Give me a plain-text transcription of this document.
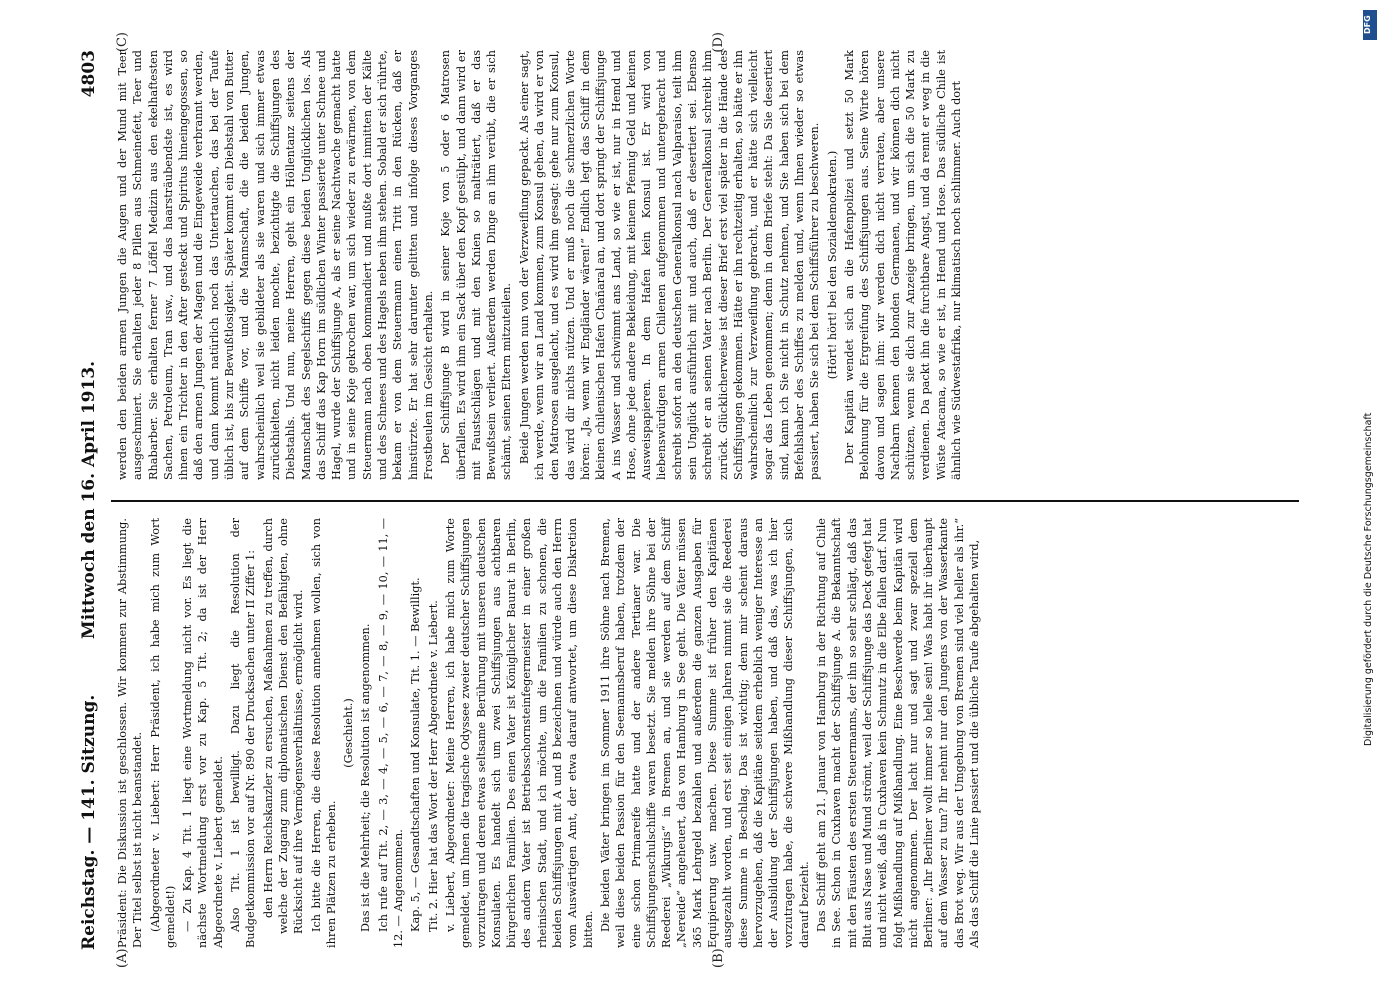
Reichstag. — 141. Sitzung.
Mittwoch den 16. April 1913.
4803
(A)	(B)
(C)	(D)

Präsident: Die Diskussion ist geschlossen. Wir kommen zur Abstimmung. Der Titel selbst ist nicht beanstandet. (Abgeordneter v. Liebert: Herr Präsident, ich habe mich zum Wort gemeldet!) — Zu Kap. 4 Tit. 1 liegt eine Wortmeldung nicht vor. Es liegt die nächste Wortmeldung erst vor zu Kap. 5 Tit. 2; da ist der Herr Abgeordnete v. Liebert gemeldet. Also Tit. 1 ist bewilligt. Dazu liegt die Resolution der Budgetkommission vor auf Nr. 890 der Drucksachen unter II Ziffer 1: den Herrn Reichskanzler zu ersuchen, Maßnahmen zu treffen, durch welche der Zugang zum diplomatischen Dienst den Befähigten, ohne Rücksicht auf ihre Vermögensverhältnisse, ermöglicht wird. Ich bitte die Herren, die diese Resolution annehmen wollen, sich von ihren Plätzen zu erheben.

(Geschieht.) Das ist die Mehrheit; die Resolution ist angenommen. Ich rufe auf Tit. 2, — 3, — 4, — 5, — 6, — 7, — 8, — 9, — 10, — 11, — 12. — Angenommen. Kap. 5, — Gesandtschaften und Konsulate, Tit. 1. — Bewilligt. Tit. 2. Hier hat das Wort der Herr Abgeordnete v. Liebert. v. Liebert, Abgeordneter: Meine Herren, ich habe mich zum Worte gemeldet, um Ihnen die tragische Odyssee zweier deutscher Schiffsjungen vorzutragen und deren etwas seltsame Berührung mit unseren deutschen Konsulaten. Es handelt sich um zwei Schiffsjungen aus achtbaren bürgerlichen Familien. Des einen Vater ist Königlicher Baurat in Berlin, des andern Vater ist Betriebsschornsteinfegermeister in einer großen rheinischen Stadt, und ich möchte, um die Familien zu schonen, die beiden Schiffsjungen mit A und B bezeichnen und würde auch den Herrn vom Auswärtigen Amt, der etwa darauf antwortet, um diese Diskretion bitten. Die beiden Väter bringen im Sommer 1911 ihre Söhne nach Bremen, weil diese beiden Passion für den Seemannsberuf haben, trotzdem der eine schon Primareife hatte und der andere Tertianer war. Die Schiffsjungenschulschiffe waren besetzt. Sie melden ihre Söhne bei der Reederei „Wikurgis“ in Bremen an, und sie werden auf dem Schiff „Nereide“ angeheuert, das von Hamburg in See geht. Die Väter müssen 365 Mark Lehrgeld bezahlen und außerdem die ganzen Ausgaben für Equipierung usw. machen. Diese Summe ist früher den Kapitänen ausgezahlt worden, und erst seit einigen Jahren nimmt sie die Reederei diese Summe in Beschlag. Das ist wichtig; denn mir scheint daraus hervorzugehen, daß die Kapitäne seitdem erheblich weniger Interesse an der Ausbildung der Schiffsjungen haben, und daß das, was ich hier vorzutragen habe, die schwere Mißhandlung dieser Schiffsjungen, sich darauf bezieht. Das Schiff geht am 21. Januar von Hamburg in der Richtung auf Chile in See. Schon in Cuxhaven macht der Schiffsjunge A. die Bekanntschaft mit den Fäusten des ersten Steuermanns, der ihn so sehr schlägt, daß das Blut aus Nase und Mund strömt, weil der Schiffsjunge das Deck gefegt hat und nicht weiß, daß in Cuxhaven kein Schmutz in die Elbe fallen darf. Nun folgt Mißhandlung auf Mißhandlung. Eine Beschwerde beim Kapitän wird nicht angenommen. Der lacht nur und sagt und zwar speziell dem Berliner: „Ihr Berliner wollt immer so helle sein! Was habt ihr überhaupt auf dem Wasser zu tun? Ihr nehmt nur den Jungens von der Wasserkante das Brot weg. Wir aus der Umgebung von Bremen sind viel heller als ihr.“ Als das Schiff die Linie passiert und die übliche Taufe abgehalten wird,

werden den beiden armen Jungen die Augen und der Mund mit Teer ausgeschmiert. Sie erhalten jeder 8 Pillen aus Schmeinefett, Teer und Rhabarber. Sie erhalten ferner 7 Löffel Medizin aus den ekelhaftesten Sachen, Petroleum, Tran usw., und das haarsträubendste ist, es wird ihnen ein Trichter in den After gesteckt und Spiritus hineingegossen, so daß den armen Jungen der Magen und die Eingeweide verbrannt werden, und dann kommt natürlich noch das Untertauchen, das bei der Taufe üblich ist, bis zur Bewußtlosigkeit. Später kommt ein Diebstahl von Butter auf dem Schiffe vor, und die Mannschaft, die die beiden Jungen, wahrscheinlich weil sie gebildeter als sie waren und sich immer etwas zurückhielten, nicht leiden mochte, bezichtigte die Schiffsjungen des Diebstahls. Und nun, meine Herren, geht ein Höllentanz seitens der Mannschaft des Segelschiffs gegen diese beiden Unglücklichen los. Als das Schiff das Kap Horn im südlichen Winter passierte unter Schnee und Hagel, wurde der Schiffsjunge A, als er seine Nachtwache gemacht hatte und in seine Koje gekrochen war, um sich wieder zu erwärmen, von dem Steuermann nach oben kommandiert und mußte dort inmitten der Kälte und des Schnees und des Hagels neben ihm stehen. Sobald er sich rührte, bekam er von dem Steuermann einen Tritt in den Rücken, daß er hinstürzte. Er hat sehr darunter gelitten und infolge dieses Vorganges Frostbeulen im Gesicht erhalten. Der Schiffsjunge B wird in seiner Koje von 5 oder 6 Matrosen überfallen. Es wird ihm ein Sack über den Kopf gestülpt, und dann wird er mit Faustschlägen und mit den Knien so malträtiert, daß er das Bewußtsein verliert. Außerdem werden Dinge an ihm verübt, die er sich schämt, seinen Eltern mitzuteilen. Beide Jungen werden nun von der Verzweiflung gepackt. Als einer sagt, ich werde, wenn wir an Land kommen, zum Konsul gehen, da wird er von den Matrosen ausgelacht, und es wird ihm gesagt: gehe nur zum Konsul, das wird dir nichts nützen. Und er muß noch die schmerzlichen Worte hören: „Ja, wenn wir Engländer wären!“ Endlich legt das Schiff in dem kleinen chilenischen Hafen Chañaral an, und dort springt der Schiffsjunge A ins Wasser und schwimmt ans Land, so wie er ist, nur in Hemd und Hose, ohne jede andere Bekleidung, mit keinem Pfennig Geld und keinen Ausweispapieren. In dem Hafen kein Konsul ist. Er wird von liebenswürdigen armen Chilenen aufgenommen und untergebracht und schreibt sofort an den deutschen Generalkonsul nach Valparaiso, teilt ihm sein Unglück ausführlich mit und auch, daß er desertiert sei. Ebenso schreibt er an seinen Vater nach Berlin. Der Generalkonsul schreibt ihm zurück. Glücklicherweise ist dieser Brief erst viel später in die Hände des Schiffsjungen gekommen. Hätte er ihn rechtzeitig erhalten, so hätte er ihn wahrscheinlich zur Verzweiflung gebracht, und er hätte sich vielleicht sogar das Leben genommen; denn in dem Briefe steht: Da Sie desertiert sind, kann ich Sie nicht in Schutz nehmen, und Sie haben sich bei dem Befehlshaber des Schiffes zu melden und, wenn Ihnen wieder so etwas passiert, haben Sie sich bei dem Schiffsführer zu beschweren. (Hört! hört! bei den Sozialdemokraten.) Der Kapitän wendet sich an die Hafenpolizei und setzt 50 Mark Belohnung für die Ergreifung des Schiffsjungen aus. Seine Wirte hören davon und sagen ihm: wir werden dich nicht verraten, aber unsere Nachbarn kennen den blonden Germanen, und wir können dich nicht schützen, wenn sie dich zur Anzeige bringen, um sich die 50 Mark zu verdienen. Da packt ihn die furchtbare Angst, und da rennt er weg in die Wüste Atacama, so wie er ist, in Hemd und Hose. Das südliche Chile ist ähnlich wie Südwestafrika, nur klimatisch noch schlimmer. Auch dort

DFG
Digitalisierung gefördert durch die Deutsche Forschungsgemeinschaft
